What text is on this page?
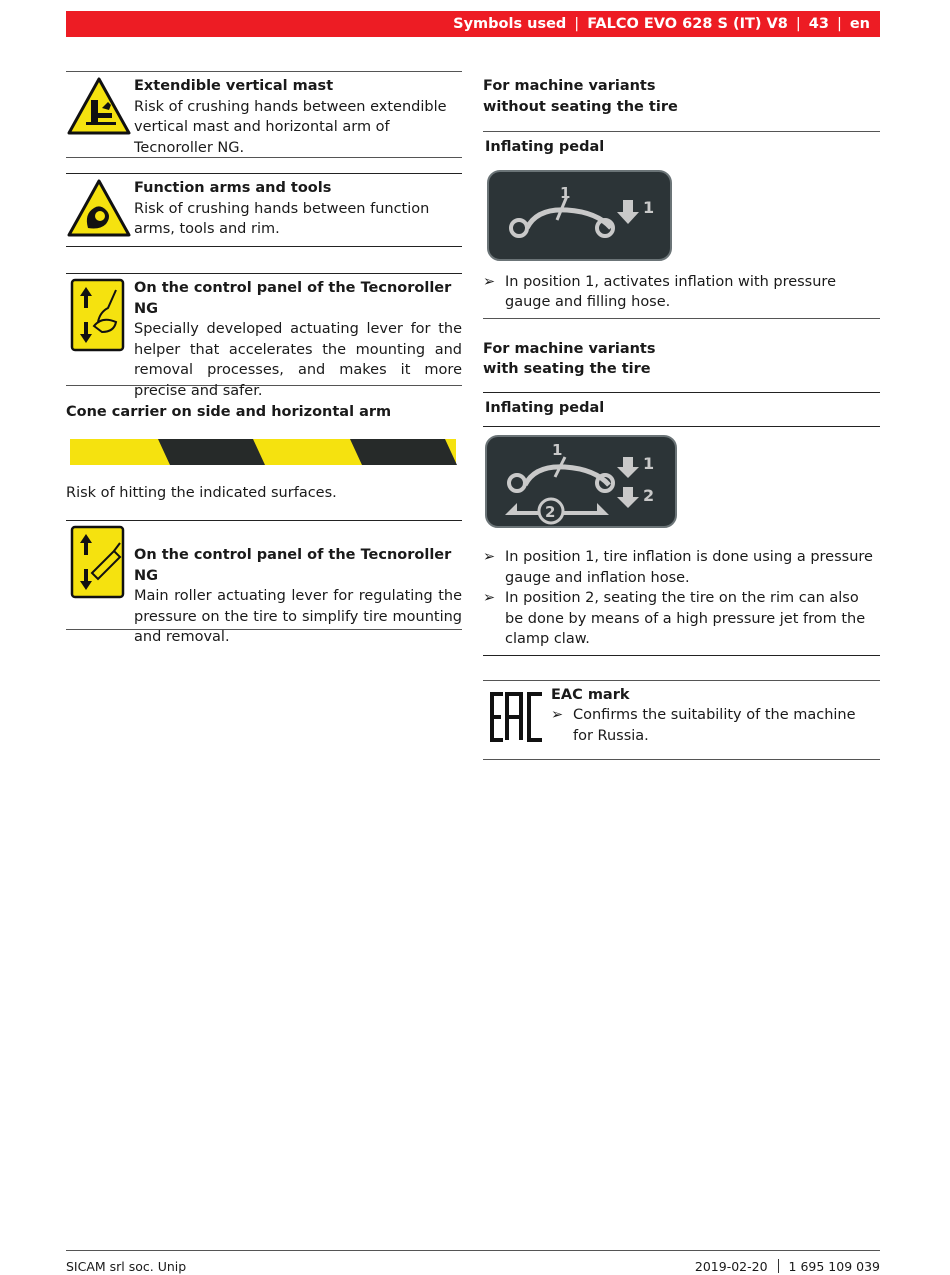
Symbols used | FALCO EVO 628 S (IT) V8 | 43 | en
Extendible vertical mast
Risk of crushing hands between extendible vertical mast and horizontal arm of Tecnoroller NG.
Function arms and tools
Risk of crushing hands between function arms, tools and rim.
On the control panel of the Tecnoroller NG
Specially developed actuating lever for the helper that accelerates the mounting and removal processes, and makes it more precise and safer.
Cone carrier on side and horizontal arm
Risk of hitting the indicated surfaces.
On the control panel of the Tecnoroller NG
Main roller actuating lever for regulating the pressure on the tire to simplify tire mounting and removal.
For machine variants
without seating the tire
Inflating pedal
1
1
➢ In position 1, activates inflation with pressure gauge and filling hose.
For machine variants
with seating the tire
Inflating pedal
1
1
2
2
➢ In position 1, tire inflation is done using a pressure gauge and inflation hose.
➢ In position 2, seating the tire on the rim can also be done by means of a high pressure jet from the clamp claw.
EAC mark
➢ Confirms the suitability of the machine for Russia.
SICAM srl soc. Unip	2019-02-20 1 695 109 039
